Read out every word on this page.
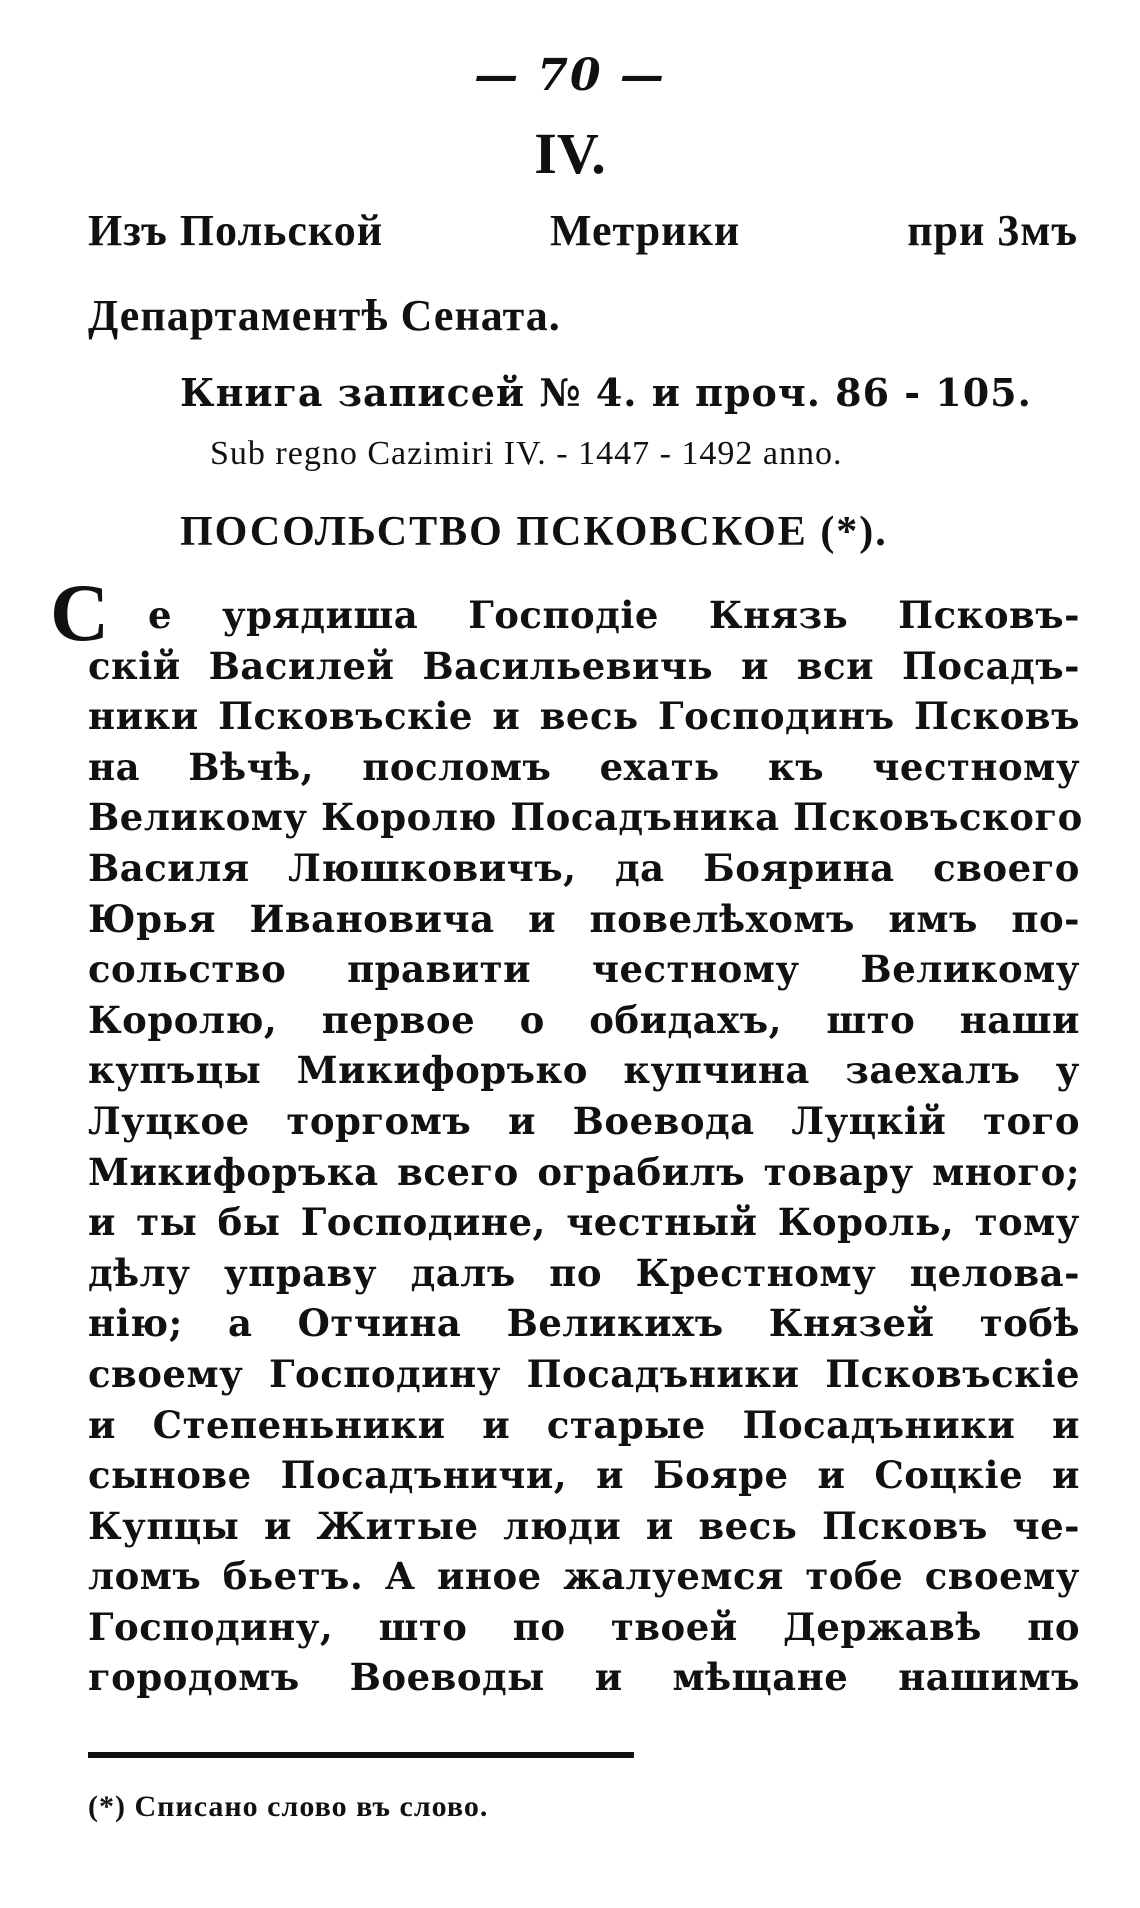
— 70 —
IV.
Изъ Польской	Метрики	при 3мъ
Департаментѣ Сената.
Книга записей № 4. и проч. 86 - 105.
Sub regno Cazimiri IV. - 1447 - 1492 anno.
ПОСОЛЬСТВО ПСКОВСКОЕ (*).
С	е урядиша Господіе Князь Псковъ-
скій Василей Васильевичь и вси Посадъ-
ники Псковъскіе и весь Господинъ Псковъ
на Вѣчѣ, посломъ ехать къ честному
Великому Королю Посадъника Псковъского
Василя Люшковичъ, да Боярина своего
Юрья Ивановича и повелѣхомъ имъ по-
сольство правити честному Великому
Королю, первое о обидахъ, што наши
купъцы Микифоръко купчина заехалъ у
Луцкое торгомъ и Воевода Луцкій того
Микифоръка всего ограбилъ товару много;
и ты бы Господине, честный Король, тому
дѣлу управу далъ по Крестному целова-
нію; а Отчина Великихъ Князей тобѣ
своему Господину Посадъники Псковъскіе
и Степеньники и старые Посадъники и
сынове Посадъничи, и Бояре и Соцкіе и
Купцы и Житые люди и весь Псковъ че-
ломъ бьетъ. А иное жалуемся тобе своему
Господину, што по твоей Державѣ по
городомъ Воеводы и мѣщане нашимъ
(*) Списано слово въ слово.
